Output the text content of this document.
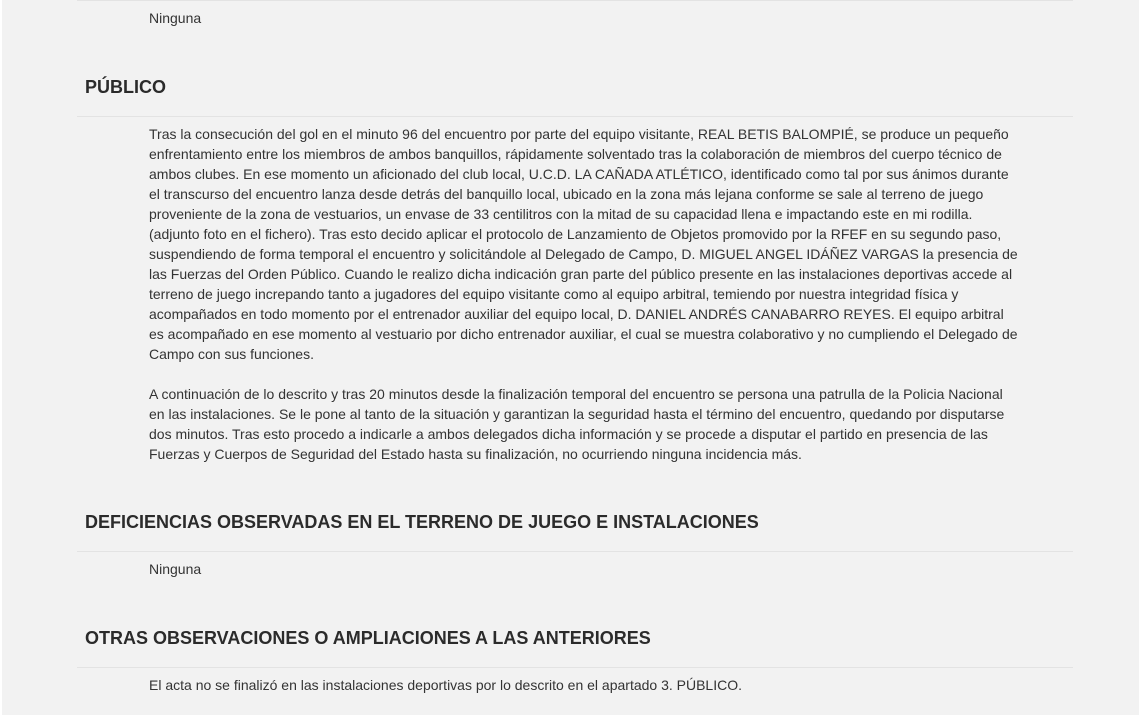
Ninguna

PÚBLICO

Tras la consecución del gol en el minuto 96 del encuentro por parte del equipo visitante, REAL BETIS BALOMPIÉ, se produce un pequeño enfrentamiento entre los miembros de ambos banquillos, rápidamente solventado tras la colaboración de miembros del cuerpo técnico de ambos clubes. En ese momento un aficionado del club local, U.C.D. LA CAÑADA ATLÉTICO, identificado como tal por sus ánimos durante el transcurso del encuentro lanza desde detrás del banquillo local, ubicado en la zona más lejana conforme se sale al terreno de juego proveniente de la zona de vestuarios, un envase de 33 centilitros con la mitad de su capacidad llena e impactando este en mi rodilla. (adjunto foto en el fichero). Tras esto decido aplicar el protocolo de Lanzamiento de Objetos promovido por la RFEF en su segundo paso, suspendiendo de forma temporal el encuentro y solicitándole al Delegado de Campo, D. MIGUEL ANGEL IDÁÑEZ VARGAS la presencia de las Fuerzas del Orden Público. Cuando le realizo dicha indicación gran parte del público presente en las instalaciones deportivas accede al terreno de juego increpando tanto a jugadores del equipo visitante como al equipo arbitral, temiendo por nuestra integridad física y acompañados en todo momento por el entrenador auxiliar del equipo local, D. DANIEL ANDRÉS CANABARRO REYES. El equipo arbitral es acompañado en ese momento al vestuario por dicho entrenador auxiliar, el cual se muestra colaborativo y no cumpliendo el Delegado de Campo con sus funciones.

A continuación de lo descrito y tras 20 minutos desde la finalización temporal del encuentro se persona una patrulla de la Policia Nacional en las instalaciones. Se le pone al tanto de la situación y garantizan la seguridad hasta el término del encuentro, quedando por disputarse dos minutos. Tras esto procedo a indicarle a ambos delegados dicha información y se procede a disputar el partido en presencia de las Fuerzas y Cuerpos de Seguridad del Estado hasta su finalización, no ocurriendo ninguna incidencia más.

DEFICIENCIAS OBSERVADAS EN EL TERRENO DE JUEGO E INSTALACIONES

Ninguna

OTRAS OBSERVACIONES O AMPLIACIONES A LAS ANTERIORES

El acta no se finalizó en las instalaciones deportivas por lo descrito en el apartado 3. PÚBLICO.
